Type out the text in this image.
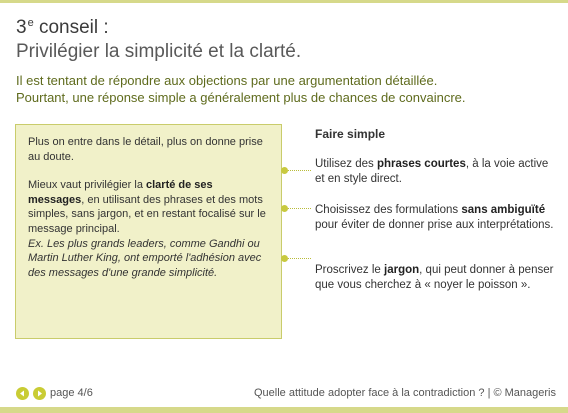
3e conseil :
Privilégier la simplicité et la clarté.
Il est tentant de répondre aux objections par une argumentation détaillée.
Pourtant, une réponse simple a généralement plus de chances de convaincre.

Plus on entre dans le détail, plus on donne prise au doute.

Mieux vaut privilégier la clarté de ses messages, en utilisant des phrases et des mots simples, sans jargon, et en restant focalisé sur le message principal.
Ex. Les plus grands leaders, comme Gandhi ou Martin Luther King, ont emporté l'adhésion avec des messages d'une grande simplicité.

Faire simple
Utilisez des phrases courtes, à la voie active et en style direct.
Choisissez des formulations sans ambiguïté pour éviter de donner prise aux interprétations.
Proscrivez le jargon, qui peut donner à penser que vous cherchez à « noyer le poisson ».
page 4/6	Quelle attitude adopter face à la contradiction ? | © Manageris
